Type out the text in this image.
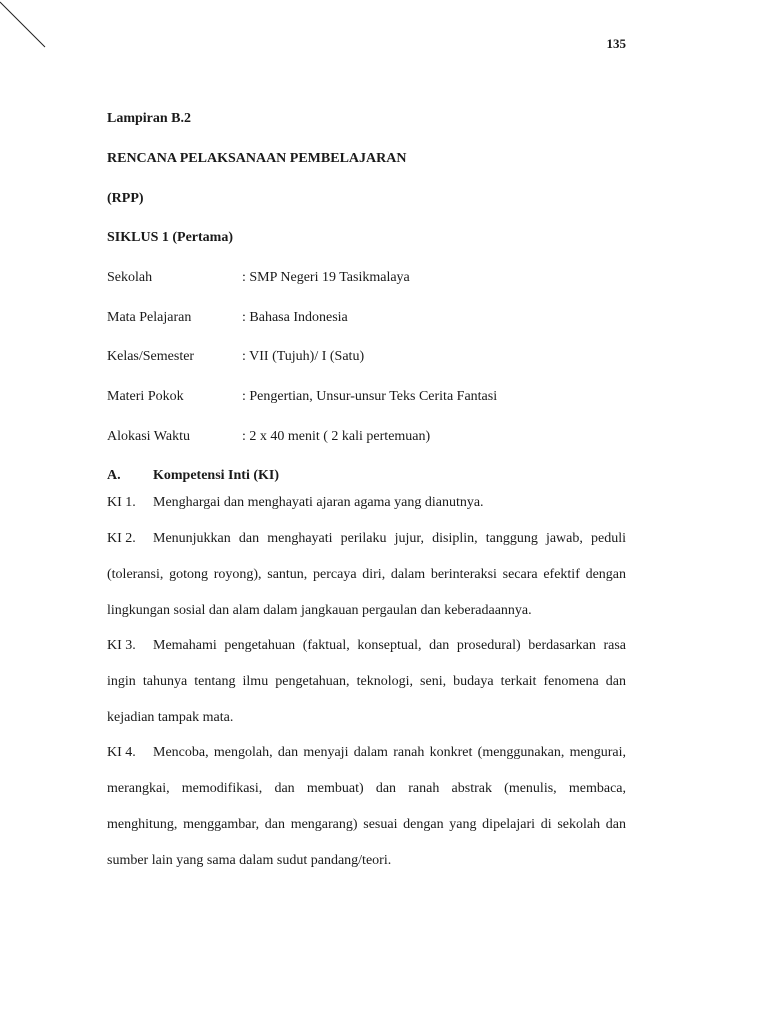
135
Lampiran B.2
RENCANA PELAKSANAAN PEMBELAJARAN
(RPP)
SIKLUS 1 (Pertama)
Sekolah	: SMP Negeri 19 Tasikmalaya
Mata Pelajaran	: Bahasa Indonesia
Kelas/Semester	: VII (Tujuh)/ I (Satu)
Materi Pokok	: Pengertian, Unsur-unsur Teks Cerita Fantasi
Alokasi Waktu	: 2 x 40 menit ( 2 kali pertemuan)
A. Kompetensi Inti (KI)
KI 1. Menghargai dan menghayati ajaran agama yang dianutnya.
KI 2. Menunjukkan dan menghayati perilaku jujur, disiplin, tanggung jawab, peduli (toleransi, gotong royong), santun, percaya diri, dalam berinteraksi secara efektif dengan lingkungan sosial dan alam dalam jangkauan pergaulan dan keberadaannya.
KI 3. Memahami pengetahuan (faktual, konseptual, dan prosedural) berdasarkan rasa ingin tahunya tentang ilmu pengetahuan, teknologi, seni, budaya terkait fenomena dan kejadian tampak mata.
KI 4. Mencoba, mengolah, dan menyaji dalam ranah konkret (menggunakan, mengurai, merangkai, memodifikasi, dan membuat) dan ranah abstrak (menulis, membaca, menghitung, menggambar, dan mengarang) sesuai dengan yang dipelajari di sekolah dan sumber lain yang sama dalam sudut pandang/teori.
